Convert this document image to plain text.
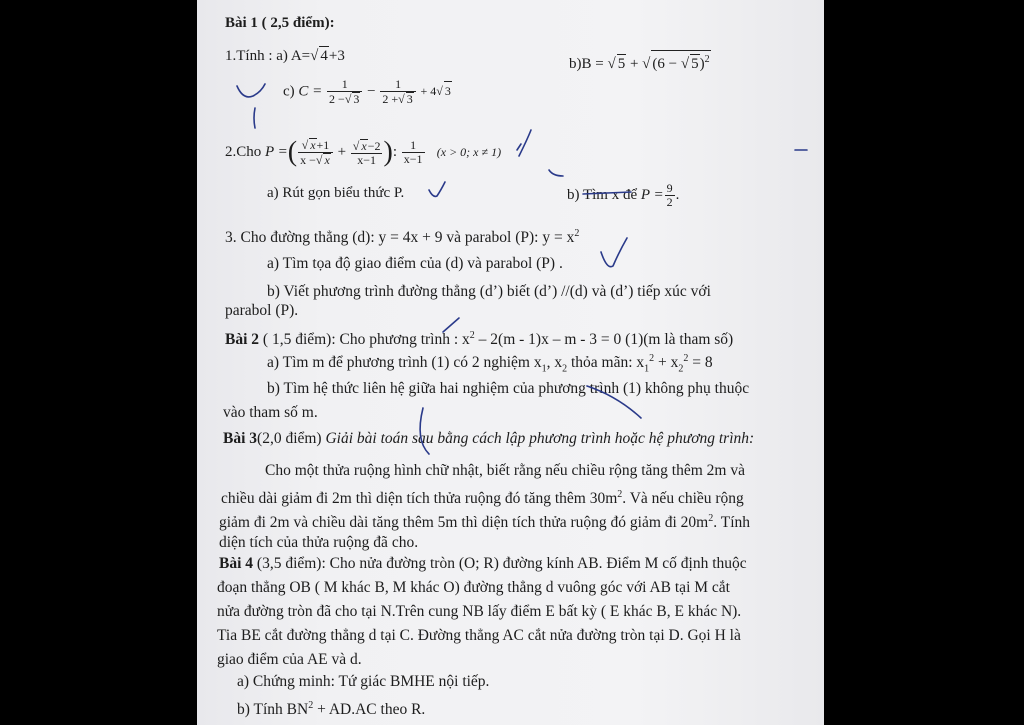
Bài 1 ( 2,5 điểm):
1.Tính : a) A=√ 4+3	b)B = √ 5 + √ (6 − √ 5)$^2$
c) $C = \frac{1}{2 -√ 3} - \frac{1}{2 +√ 3} + 4√$ 3
2.Cho P =( $\frac{√ x+1}{x -√ x} + \frac{√ x-2}{x-1}$ ): $\frac{1}{x-1} (x > 0$; x ≠ 1)
a) Rút gọn biểu thức P.	b) Tìm x để $P = \frac{9}{2}$ .
3. Cho đường thẳng (d): y = 4x + 9 và parabol (P): $y = x^2$
a) Tìm tọa độ giao điểm của (d) và parabol (P) .
b) Viết phương trình đường thẳng (d’) biết (d’) //(d) và (d’) tiếp xúc với
parabol (P).
Bài 2 ( 1,5 điểm): Cho phương trình : $x^2 - 2(m - 1)x - m - 3 = 0$ (1)(m là tham số)
a) Tìm m để phương trình (1) có 2 nghiệm $x_1$, $x_2$ thỏa mãn: $x_1^2 + x_2^2 = 8$
b) Tìm hệ thức liên hệ giữa hai nghiệm của phương trình (1) không phụ thuộc
vào tham số m.
Bài 3(2,0 điểm) Giải bài toán sau bằng cách lập phương trình hoặc hệ phương trình:
Cho một thửa ruộng hình chữ nhật, biết rằng nếu chiều rộng tăng thêm 2m và
chiều dài giảm đi 2m thì diện tích thửa ruộng đó tăng thêm $30m^2$. Và nếu chiều rộng
giảm đi 2m và chiều dài tăng thêm 5m thì diện tích thửa ruộng đó giảm đi $20m^2$. Tính
diện tích của thửa ruộng đã cho.
Bài 4 (3,5 điểm): Cho nửa đường tròn (O; R) đường kính AB. Điểm M cố định thuộc
đoạn thẳng OB ( M khác B, M khác O) đường thẳng d vuông góc với AB tại M cắt
nửa đường tròn đã cho tại N.Trên cung NB lấy điểm E bất kỳ ( E khác B, E khác N).
Tia BE cắt đường thẳng d tại C. Đường thẳng AC cắt nửa đường tròn tại D. Gọi H là
giao điểm của AE và d.
a) Chứng minh: Tứ giác BMHE nội tiếp.
b) Tính $BN^2 + AD.AC$ theo R.
